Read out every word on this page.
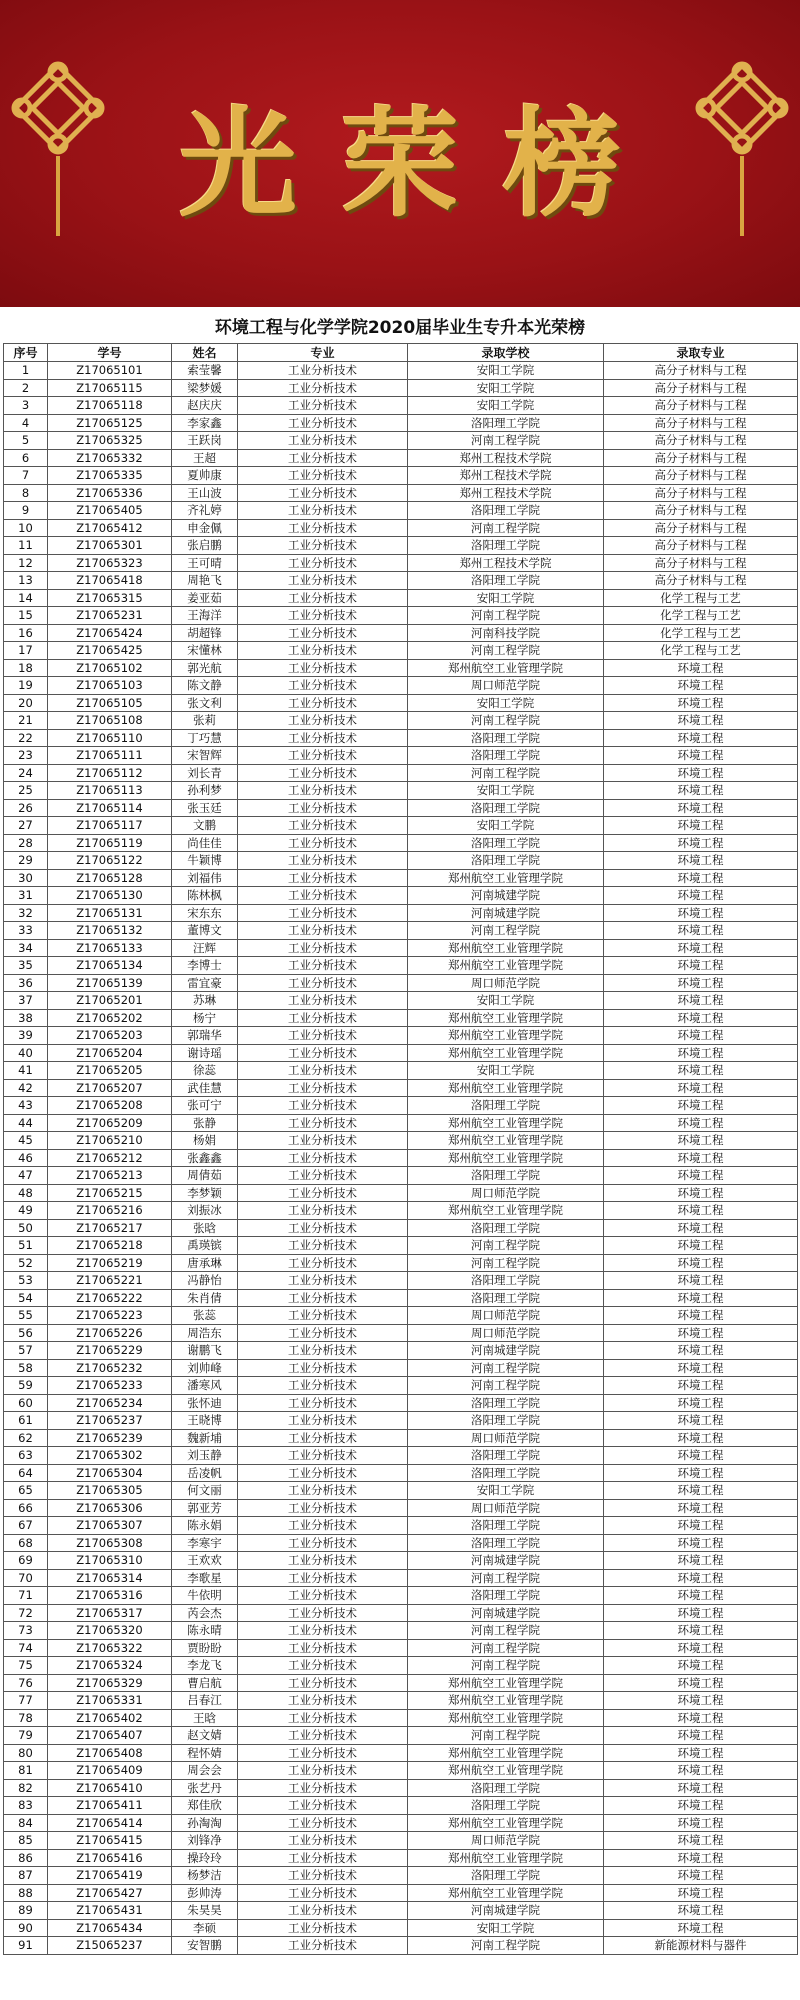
光荣榜
环境工程与化学学院2020届毕业生专升本光荣榜
序号	学号	姓名	专业	录取学校	录取专业
1	Z17065101	索莹馨	工业分析技术	安阳工学院	高分子材料与工程
2	Z17065115	梁梦媛	工业分析技术	安阳工学院	高分子材料与工程
3	Z17065118	赵庆庆	工业分析技术	安阳工学院	高分子材料与工程
4	Z17065125	李家鑫	工业分析技术	洛阳理工学院	高分子材料与工程
5	Z17065325	王跃岗	工业分析技术	河南工程学院	高分子材料与工程
6	Z17065332	王超	工业分析技术	郑州工程技术学院	高分子材料与工程
7	Z17065335	夏帅康	工业分析技术	郑州工程技术学院	高分子材料与工程
8	Z17065336	王山波	工业分析技术	郑州工程技术学院	高分子材料与工程
9	Z17065405	齐礼婷	工业分析技术	洛阳理工学院	高分子材料与工程
10	Z17065412	申金佩	工业分析技术	河南工程学院	高分子材料与工程
11	Z17065301	张启鹏	工业分析技术	洛阳理工学院	高分子材料与工程
12	Z17065323	王可晴	工业分析技术	郑州工程技术学院	高分子材料与工程
13	Z17065418	周艳飞	工业分析技术	洛阳理工学院	高分子材料与工程
14	Z17065315	姜亚茹	工业分析技术	安阳工学院	化学工程与工艺
15	Z17065231	王海洋	工业分析技术	河南工程学院	化学工程与工艺
16	Z17065424	胡超锋	工业分析技术	河南科技学院	化学工程与工艺
17	Z17065425	宋懂林	工业分析技术	河南工程学院	化学工程与工艺
18	Z17065102	郭光航	工业分析技术	郑州航空工业管理学院	环境工程
19	Z17065103	陈文静	工业分析技术	周口师范学院	环境工程
20	Z17065105	张文利	工业分析技术	安阳工学院	环境工程
21	Z17065108	张莉	工业分析技术	河南工程学院	环境工程
22	Z17065110	丁巧慧	工业分析技术	洛阳理工学院	环境工程
23	Z17065111	宋智辉	工业分析技术	洛阳理工学院	环境工程
24	Z17065112	刘长青	工业分析技术	河南工程学院	环境工程
25	Z17065113	孙利梦	工业分析技术	安阳工学院	环境工程
26	Z17065114	张玉廷	工业分析技术	洛阳理工学院	环境工程
27	Z17065117	文鹏	工业分析技术	安阳工学院	环境工程
28	Z17065119	尚佳佳	工业分析技术	洛阳理工学院	环境工程
29	Z17065122	牛颖博	工业分析技术	洛阳理工学院	环境工程
30	Z17065128	刘福伟	工业分析技术	郑州航空工业管理学院	环境工程
31	Z17065130	陈林枫	工业分析技术	河南城建学院	环境工程
32	Z17065131	宋东东	工业分析技术	河南城建学院	环境工程
33	Z17065132	董博文	工业分析技术	河南工程学院	环境工程
34	Z17065133	汪辉	工业分析技术	郑州航空工业管理学院	环境工程
35	Z17065134	李博士	工业分析技术	郑州航空工业管理学院	环境工程
36	Z17065139	雷宜豪	工业分析技术	周口师范学院	环境工程
37	Z17065201	苏琳	工业分析技术	安阳工学院	环境工程
38	Z17065202	杨宁	工业分析技术	郑州航空工业管理学院	环境工程
39	Z17065203	郭瑞华	工业分析技术	郑州航空工业管理学院	环境工程
40	Z17065204	谢诗瑶	工业分析技术	郑州航空工业管理学院	环境工程
41	Z17065205	徐蕊	工业分析技术	安阳工学院	环境工程
42	Z17065207	武佳慧	工业分析技术	郑州航空工业管理学院	环境工程
43	Z17065208	张可宁	工业分析技术	洛阳理工学院	环境工程
44	Z17065209	张静	工业分析技术	郑州航空工业管理学院	环境工程
45	Z17065210	杨娟	工业分析技术	郑州航空工业管理学院	环境工程
46	Z17065212	张鑫鑫	工业分析技术	郑州航空工业管理学院	环境工程
47	Z17065213	周倩茹	工业分析技术	洛阳理工学院	环境工程
48	Z17065215	李梦颖	工业分析技术	周口师范学院	环境工程
49	Z17065216	刘振冰	工业分析技术	郑州航空工业管理学院	环境工程
50	Z17065217	张晗	工业分析技术	洛阳理工学院	环境工程
51	Z17065218	禹瑛镔	工业分析技术	河南工程学院	环境工程
52	Z17065219	唐承琳	工业分析技术	河南工程学院	环境工程
53	Z17065221	冯静怡	工业分析技术	洛阳理工学院	环境工程
54	Z17065222	朱肖倩	工业分析技术	洛阳理工学院	环境工程
55	Z17065223	张蕊	工业分析技术	周口师范学院	环境工程
56	Z17065226	周浩东	工业分析技术	周口师范学院	环境工程
57	Z17065229	谢鹏飞	工业分析技术	河南城建学院	环境工程
58	Z17065232	刘帅峰	工业分析技术	河南工程学院	环境工程
59	Z17065233	潘寒风	工业分析技术	河南工程学院	环境工程
60	Z17065234	张怀迪	工业分析技术	洛阳理工学院	环境工程
61	Z17065237	王晓博	工业分析技术	洛阳理工学院	环境工程
62	Z17065239	魏新埔	工业分析技术	周口师范学院	环境工程
63	Z17065302	刘玉静	工业分析技术	洛阳理工学院	环境工程
64	Z17065304	岳凌帆	工业分析技术	洛阳理工学院	环境工程
65	Z17065305	何文丽	工业分析技术	安阳工学院	环境工程
66	Z17065306	郭亚芳	工业分析技术	周口师范学院	环境工程
67	Z17065307	陈永娟	工业分析技术	洛阳理工学院	环境工程
68	Z17065308	李寒宇	工业分析技术	洛阳理工学院	环境工程
69	Z17065310	王欢欢	工业分析技术	河南城建学院	环境工程
70	Z17065314	李歌星	工业分析技术	河南工程学院	环境工程
71	Z17065316	牛依明	工业分析技术	洛阳理工学院	环境工程
72	Z17065317	芮会杰	工业分析技术	河南城建学院	环境工程
73	Z17065320	陈永晴	工业分析技术	河南工程学院	环境工程
74	Z17065322	贾盼盼	工业分析技术	河南工程学院	环境工程
75	Z17065324	李龙飞	工业分析技术	河南工程学院	环境工程
76	Z17065329	曹启航	工业分析技术	郑州航空工业管理学院	环境工程
77	Z17065331	吕春江	工业分析技术	郑州航空工业管理学院	环境工程
78	Z17065402	王晗	工业分析技术	郑州航空工业管理学院	环境工程
79	Z17065407	赵文婧	工业分析技术	河南工程学院	环境工程
80	Z17065408	程怀婧	工业分析技术	郑州航空工业管理学院	环境工程
81	Z17065409	周会会	工业分析技术	郑州航空工业管理学院	环境工程
82	Z17065410	张艺丹	工业分析技术	洛阳理工学院	环境工程
83	Z17065411	郑佳欣	工业分析技术	洛阳理工学院	环境工程
84	Z17065414	孙淘淘	工业分析技术	郑州航空工业管理学院	环境工程
85	Z17065415	刘锋净	工业分析技术	周口师范学院	环境工程
86	Z17065416	操玲玲	工业分析技术	郑州航空工业管理学院	环境工程
87	Z17065419	杨梦洁	工业分析技术	洛阳理工学院	环境工程
88	Z17065427	彭帅涛	工业分析技术	郑州航空工业管理学院	环境工程
89	Z17065431	朱昊昊	工业分析技术	河南城建学院	环境工程
90	Z17065434	李硕	工业分析技术	安阳工学院	环境工程
91	Z15065237	安智鹏	工业分析技术	河南工程学院	新能源材料与器件
